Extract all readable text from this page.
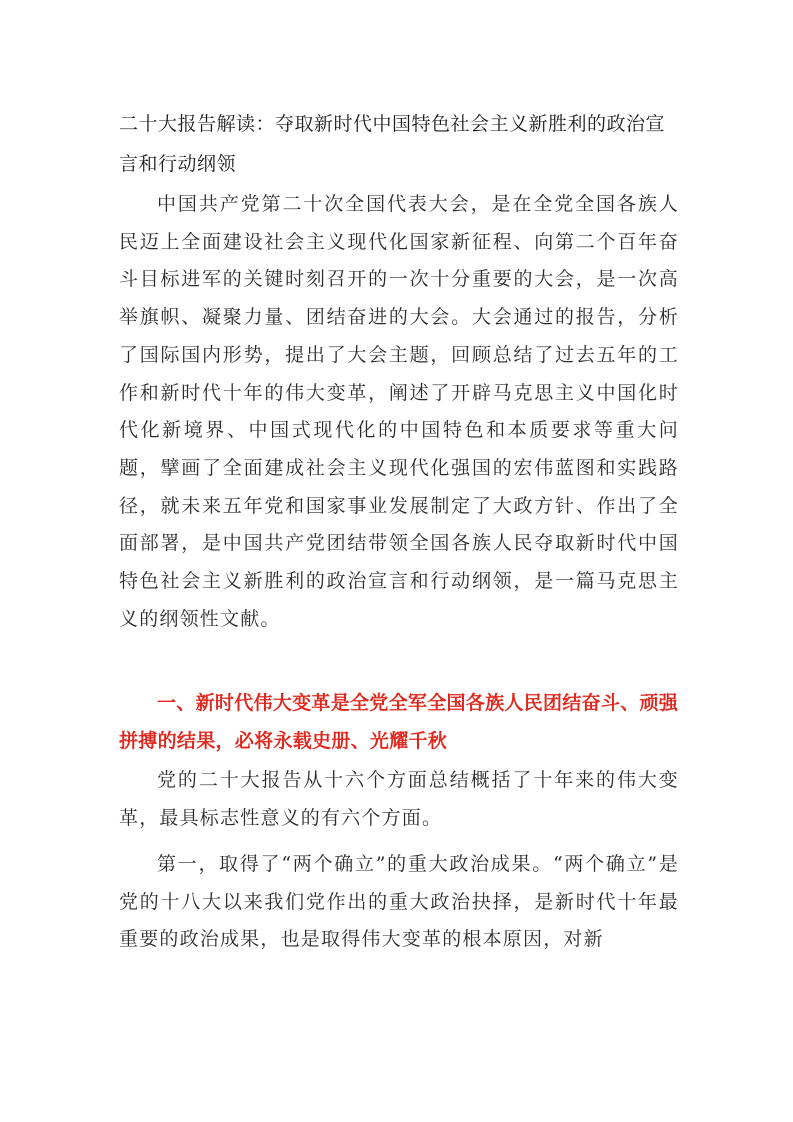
二十大报告解读：夺取新时代中国特色社会主义新胜利的政治宣言和行动纲领

中国共产党第二十次全国代表大会，是在全党全国各族人民迈上全面建设社会主义现代化国家新征程、向第二个百年奋斗目标进军的关键时刻召开的一次十分重要的大会，是一次高举旗帜、凝聚力量、团结奋进的大会。大会通过的报告，分析了国际国内形势，提出了大会主题，回顾总结了过去五年的工作和新时代十年的伟大变革，阐述了开辟马克思主义中国化时代化新境界、中国式现代化的中国特色和本质要求等重大问题，擘画了全面建成社会主义现代化强国的宏伟蓝图和实践路径，就未来五年党和国家事业发展制定了大政方针、作出了全面部署，是中国共产党团结带领全国各族人民夺取新时代中国特色社会主义新胜利的政治宣言和行动纲领，是一篇马克思主义的纲领性文献。

一、新时代伟大变革是全党全军全国各族人民团结奋斗、顽强拼搏的结果，必将永载史册、光耀千秋

党的二十大报告从十六个方面总结概括了十年来的伟大变革，最具标志性意义的有六个方面。

第一，取得了“两个确立”的重大政治成果。“两个确立”是党的十八大以来我们党作出的重大政治抉择，是新时代十年最重要的政治成果，也是取得伟大变革的根本原因，对新
